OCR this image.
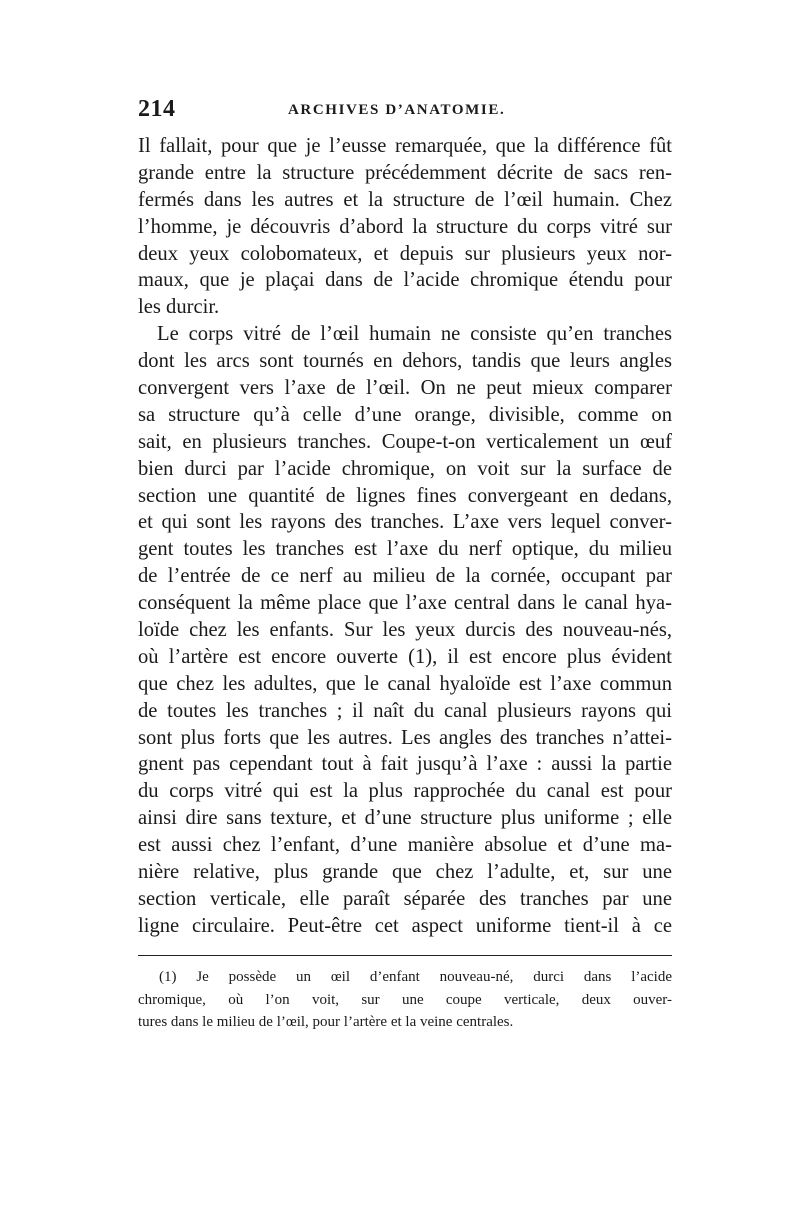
214	ARCHIVES D’ANATOMIE.
Il fallait, pour que je l’eusse remarquée, que la différence fût
grande entre la structure précédemment décrite de sacs ren-
fermés dans les autres et la structure de l’œil humain. Chez
l’homme, je découvris d’abord la structure du corps vitré sur
deux yeux colobomateux, et depuis sur plusieurs yeux nor-
maux, que je plaçai dans de l’acide chromique étendu pour
les durcir.
Le corps vitré de l’œil humain ne consiste qu’en tranches
dont les arcs sont tournés en dehors, tandis que leurs angles
convergent vers l’axe de l’œil. On ne peut mieux comparer
sa structure qu’à celle d’une orange, divisible, comme on
sait, en plusieurs tranches. Coupe-t-on verticalement un œuf
bien durci par l’acide chromique, on voit sur la surface de
section une quantité de lignes fines convergeant en dedans,
et qui sont les rayons des tranches. L’axe vers lequel conver-
gent toutes les tranches est l’axe du nerf optique, du milieu
de l’entrée de ce nerf au milieu de la cornée, occupant par
conséquent la même place que l’axe central dans le canal hya-
loïde chez les enfants. Sur les yeux durcis des nouveau-nés,
où l’artère est encore ouverte (1), il est encore plus évident
que chez les adultes, que le canal hyaloïde est l’axe commun
de toutes les tranches ; il naît du canal plusieurs rayons qui
sont plus forts que les autres. Les angles des tranches n’attei-
gnent pas cependant tout à fait jusqu’à l’axe : aussi la partie
du corps vitré qui est la plus rapprochée du canal est pour
ainsi dire sans texture, et d’une structure plus uniforme ; elle
est aussi chez l’enfant, d’une manière absolue et d’une ma-
nière relative, plus grande que chez l’adulte, et, sur une
section verticale, elle paraît séparée des tranches par une
ligne circulaire. Peut-être cet aspect uniforme tient-il à ce
(1) Je possède un œil d’enfant nouveau-né, durci dans l’acide
chromique, où l’on voit, sur une coupe verticale, deux ouver-
tures dans le milieu de l’œil, pour l’artère et la veine centrales.
